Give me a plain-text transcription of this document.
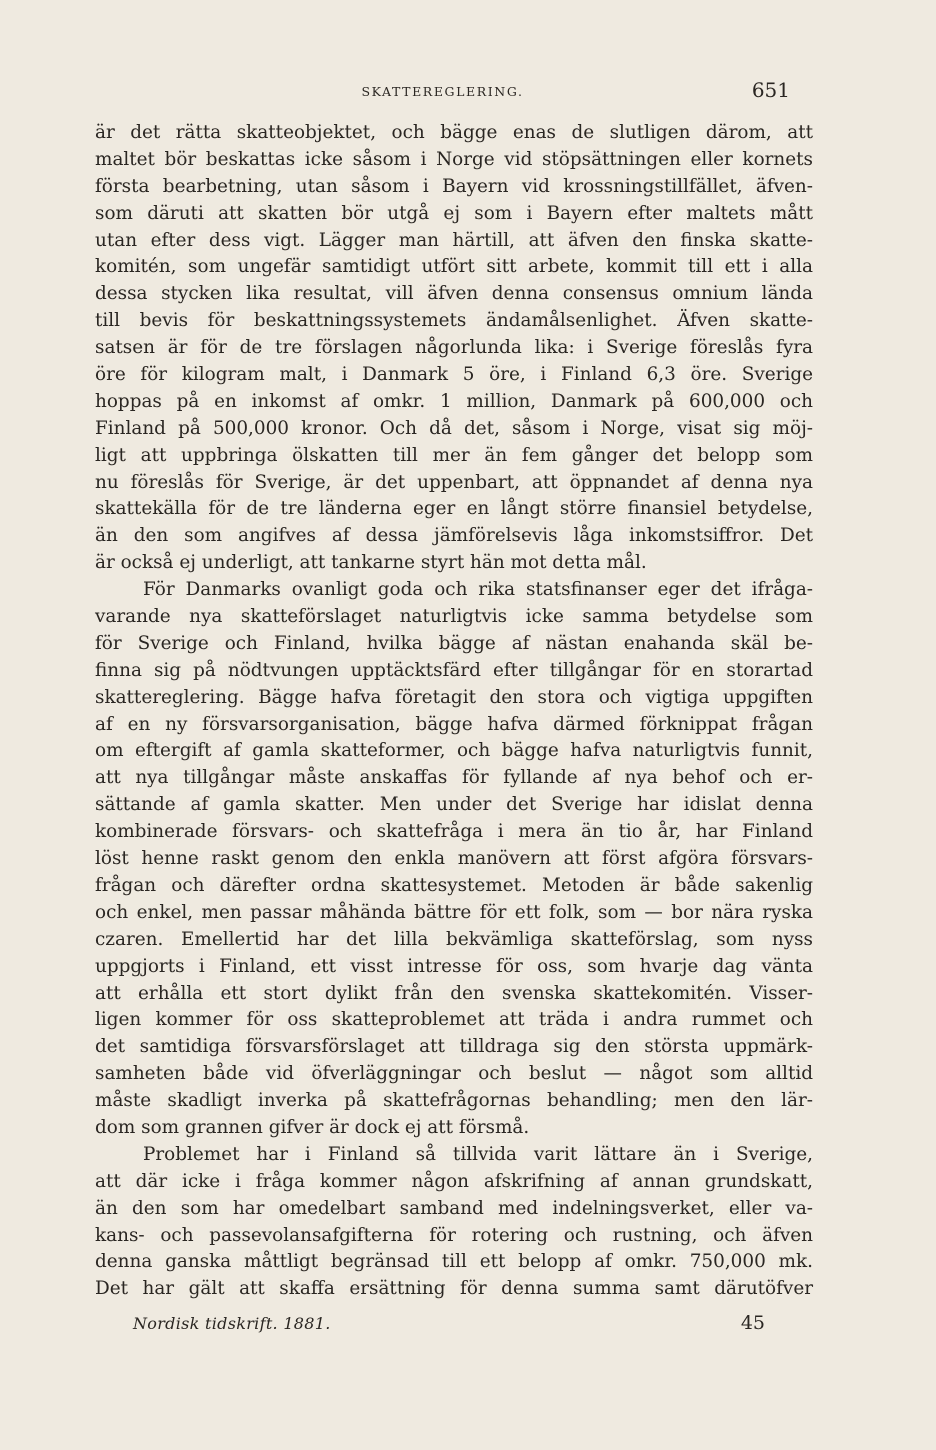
SKATTEREGLERING.	651
är det rätta skatteobjektet, och bägge enas de slutligen därom, att
maltet bör beskattas icke såsom i Norge vid stöpsättningen eller kornets
första bearbetning, utan såsom i Bayern vid krossningstillfället, äfven-
som däruti att skatten bör utgå ej som i Bayern efter maltets mått
utan efter dess vigt. Lägger man härtill, att äfven den finska skatte-
komitén, som ungefär samtidigt utfört sitt arbete, kommit till ett i alla
dessa stycken lika resultat, vill äfven denna consensus omnium lända
till bevis för beskattningssystemets ändamålsenlighet. Äfven skatte-
satsen är för de tre förslagen någorlunda lika: i Sverige föreslås fyra
öre för kilogram malt, i Danmark 5 öre, i Finland 6,3 öre. Sverige
hoppas på en inkomst af omkr. 1 million, Danmark på 600,000 och
Finland på 500,000 kronor. Och då det, såsom i Norge, visat sig möj-
ligt att uppbringa ölskatten till mer än fem gånger det belopp som
nu föreslås för Sverige, är det uppenbart, att öppnandet af denna nya
skattekälla för de tre länderna eger en långt större finansiel betydelse,
än den som angifves af dessa jämförelsevis låga inkomstsiffror. Det
är också ej underligt, att tankarne styrt hän mot detta mål.
För Danmarks ovanligt goda och rika statsfinanser eger det ifråga-
varande nya skatteförslaget naturligtvis icke samma betydelse som
för Sverige och Finland, hvilka bägge af nästan enahanda skäl be-
finna sig på nödtvungen upptäcktsfärd efter tillgångar för en storartad
skattereglering. Bägge hafva företagit den stora och vigtiga uppgiften
af en ny försvarsorganisation, bägge hafva därmed förknippat frågan
om eftergift af gamla skatteformer, och bägge hafva naturligtvis funnit,
att nya tillgångar måste anskaffas för fyllande af nya behof och er-
sättande af gamla skatter. Men under det Sverige har idislat denna
kombinerade försvars- och skattefråga i mera än tio år, har Finland
löst henne raskt genom den enkla manövern att först afgöra försvars-
frågan och därefter ordna skattesystemet. Metoden är både sakenlig
och enkel, men passar måhända bättre för ett folk, som — bor nära ryska
czaren. Emellertid har det lilla bekvämliga skatteförslag, som nyss
uppgjorts i Finland, ett visst intresse för oss, som hvarje dag vänta
att erhålla ett stort dylikt från den svenska skattekomitén. Visser-
ligen kommer för oss skatteproblemet att träda i andra rummet och
det samtidiga försvarsförslaget att tilldraga sig den största uppmärk-
samheten både vid öfverläggningar och beslut — något som alltid
måste skadligt inverka på skattefrågornas behandling; men den lär-
dom som grannen gifver är dock ej att försmå.
Problemet har i Finland så tillvida varit lättare än i Sverige,
att där icke i fråga kommer någon afskrifning af annan grundskatt,
än den som har omedelbart samband med indelningsverket, eller va-
kans- och passevolansafgifterna för rotering och rustning, och äfven
denna ganska måttligt begränsad till ett belopp af omkr. 750,000 mk.
Det har gält att skaffa ersättning för denna summa samt därutöfver
Nordisk tidskrift. 1881.	45
